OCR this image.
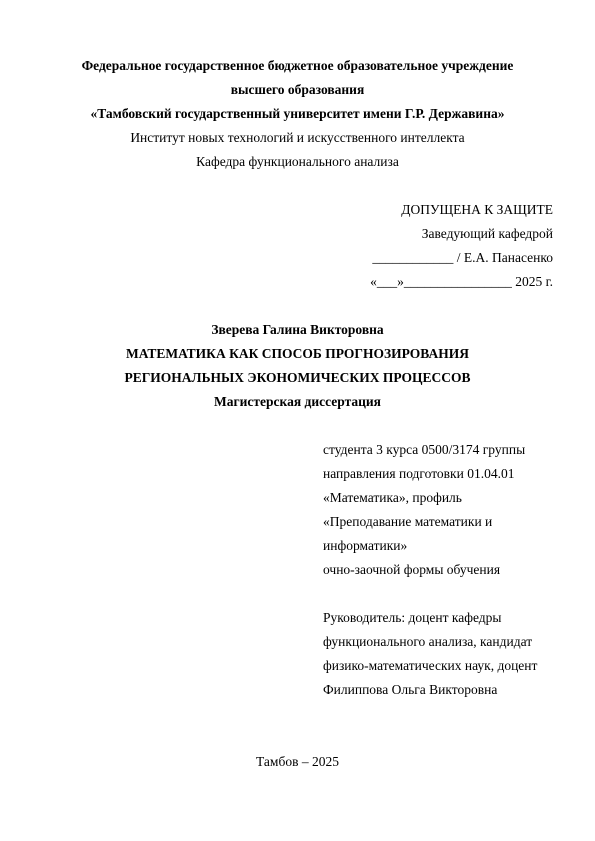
Федеральное государственное бюджетное образовательное учреждение
высшего образования
«Тамбовский государственный университет имени Г.Р. Державина»
Институт новых технологий и искусственного интеллекта
Кафедра функционального анализа
ДОПУЩЕНА К ЗАЩИТЕ
Заведующий кафедрой
____________ / Е.А. Панасенко
«___»________________ 2025 г.
Зверева Галина Викторовна
МАТЕМАТИКА КАК СПОСОБ ПРОГНОЗИРОВАНИЯ
РЕГИОНАЛЬНЫХ ЭКОНОМИЧЕСКИХ ПРОЦЕССОВ
Магистерская диссертация
студента 3 курса 0500/3174 группы
направления подготовки 01.04.01
«Математика», профиль
«Преподавание математики и
информатики»
очно-заочной формы обучения
Руководитель: доцент кафедры
функционального анализа, кандидат
физико-математических наук, доцент
Филиппова Ольга Викторовна
Тамбов – 2025
